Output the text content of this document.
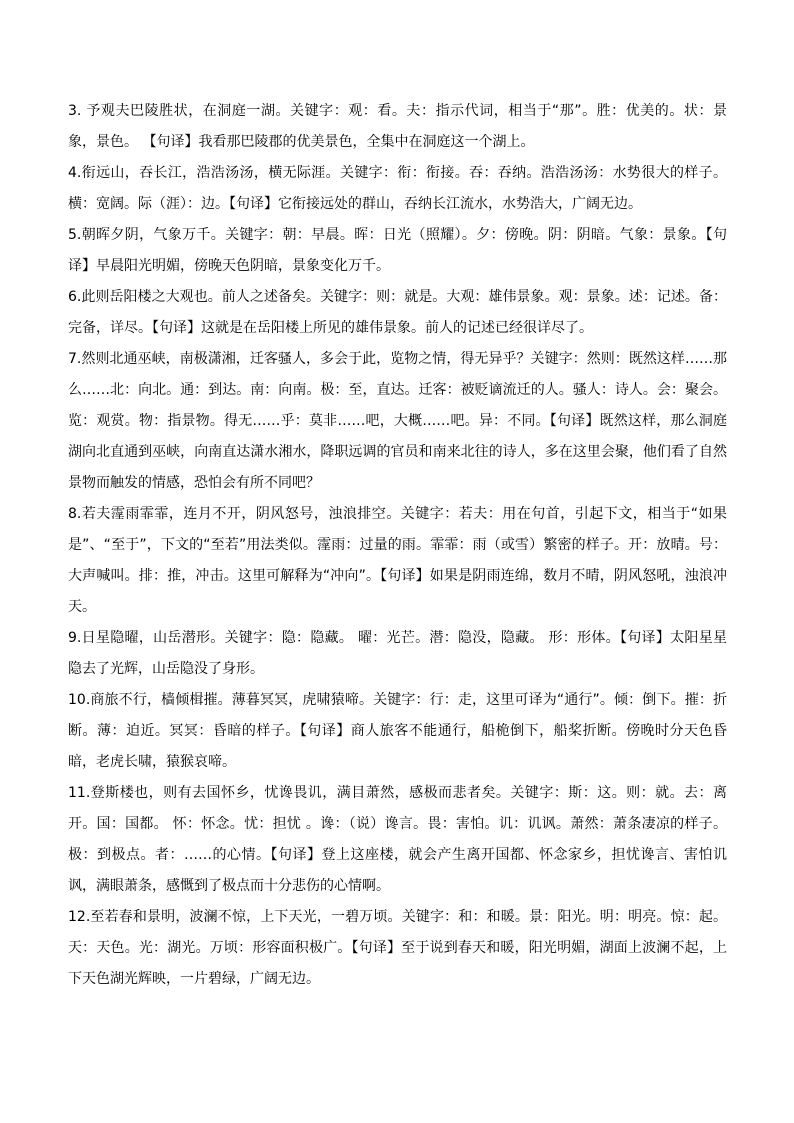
3. 予观夫巴陵胜状，在洞庭一湖。关键字：观：看。夫：指示代词，相当于“那”。胜：优美的。状：景象，景色。 【句译】我看那巴陵郡的优美景色，全集中在洞庭这一个湖上。

4.衔远山，吞长江，浩浩汤汤，横无际涯。关键字：衔：衔接。吞：吞纳。浩浩汤汤：水势很大的样子。横：宽阔。际（涯）：边。【句译】它衔接远处的群山，吞纳长江流水，水势浩大，广阔无边。

5.朝晖夕阴，气象万千。关键字：朝：早晨。晖：日光（照耀）。夕：傍晚。阴：阴暗。气象：景象。【句译】早晨阳光明媚，傍晚天色阴暗，景象变化万千。

6.此则岳阳楼之大观也。前人之述备矣。关键字：则：就是。大观：雄伟景象。观：景象。述：记述。备：完备，详尽。【句译】这就是在岳阳楼上所见的雄伟景象。前人的记述已经很详尽了。

7.然则北通巫峡，南极潇湘，迁客骚人，多会于此，览物之情，得无异乎？关键字：然则：既然这样……那么……北：向北。通：到达。南：向南。极：至，直达。迁客：被贬谪流迁的人。骚人：诗人。会：聚会。览：观赏。物：指景物。得无……乎：莫非……吧，大概……吧。异：不同。【句译】既然这样，那么洞庭湖向北直通到巫峡，向南直达潇水湘水，降职远调的官员和南来北往的诗人，多在这里会聚，他们看了自然景物而触发的情感，恐怕会有所不同吧？

8.若夫霪雨霏霏，连月不开，阴风怒号，浊浪排空。关键字：若夫：用在句首，引起下文，相当于“如果是”、“至于”，下文的“至若”用法类似。霪雨：过量的雨。霏霏：雨（或雪）繁密的样子。开：放晴。号：大声喊叫。排：推，冲击。这里可解释为“冲向”。【句译】如果是阴雨连绵，数月不晴，阴风怒吼，浊浪冲天。

9.日星隐曜，山岳潜形。关键字：隐：隐藏。 曜：光芒。潜：隐没，隐藏。 形：形体。【句译】太阳星星隐去了光辉，山岳隐没了身形。

10.商旅不行，樯倾楫摧。薄暮冥冥，虎啸猿啼。关键字：行：走，这里可译为“通行”。倾：倒下。摧：折断。薄：迫近。冥冥：昏暗的样子。【句译】商人旅客不能通行，船桅倒下，船桨折断。傍晚时分天色昏暗，老虎长啸，猿猴哀啼。

11.登斯楼也，则有去国怀乡，忧谗畏讥，满目萧然，感极而悲者矣。关键字：斯：这。则：就。去：离开。国：国都。 怀：怀念。忧：担忧 。谗：（说）谗言。畏：害怕。讥：讥讽。萧然：萧条凄凉的样子。极：到极点。者：……的心情。【句译】登上这座楼，就会产生离开国都、怀念家乡，担忧谗言、害怕讥讽，满眼萧条，感慨到了极点而十分悲伤的心情啊。

12.至若春和景明，波澜不惊，上下天光，一碧万顷。关键字：和：和暖。景：阳光。明：明亮。惊：起。天：天色。光：湖光。万顷：形容面积极广。【句译】至于说到春天和暖，阳光明媚，湖面上波澜不起，上下天色湖光辉映，一片碧绿，广阔无边。
